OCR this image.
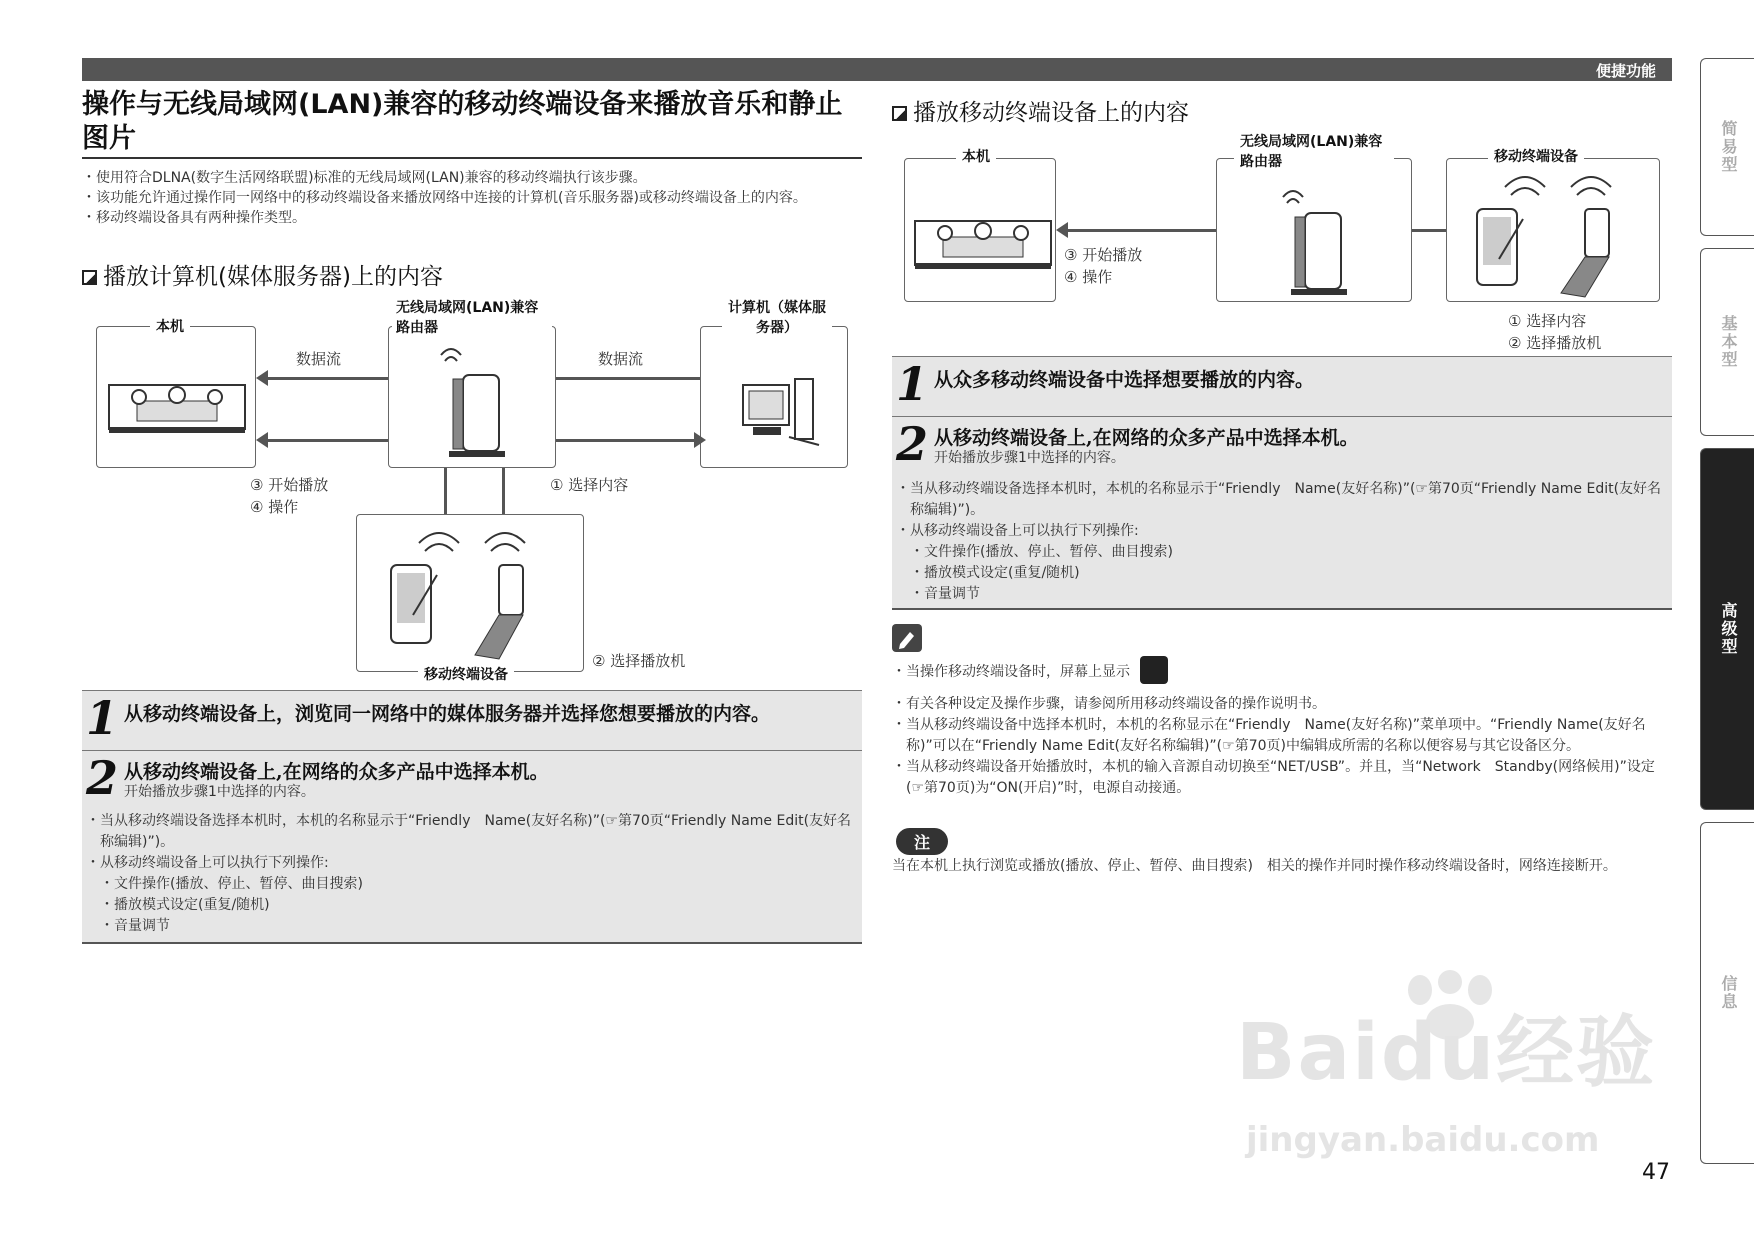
便捷功能
操作与无线局域网(LAN)兼容的移动终端设备来播放音乐和静止图片
・使用符合DLNA(数字生活网络联盟)标准的无线局域网(LAN)兼容的移动终端执行该步骤。
・该功能允许通过操作同一网络中的移动终端设备来播放网络中连接的计算机(音乐服务器)或移动终端设备上的内容。
・移动终端设备具有两种操作类型。
播放计算机(媒体服务器)上的内容
本机
无线局域网(LAN)兼容路由器
计算机（媒体服务器）
数据流	数据流
③ 开始播放
④ 操作
① 选择内容
移动终端设备
② 选择播放机
1 从移动终端设备上，浏览同一网络中的媒体服务器并选择您想要播放的内容。
2 从移动终端设备上,在网络的众多产品中选择本机。
开始播放步骤1中选择的内容。
・当从移动终端设备选择本机时，本机的名称显示于“Friendly　Name(友好名称)”(☞第70页“Friendly Name Edit(友好名称编辑)”)。
・从移动终端设备上可以执行下列操作:
・文件操作(播放、停止、暂停、曲目搜索)
・播放模式设定(重复/随机)
・音量调节
播放移动终端设备上的内容
本机
无线局域网(LAN)兼容路由器	移动终端设备
③ 开始播放
④ 操作
① 选择内容
② 选择播放机
1 从众多移动终端设备中选择想要播放的内容。
2 从移动终端设备上,在网络的众多产品中选择本机。
开始播放步骤1中选择的内容。
・当从移动终端设备选择本机时，本机的名称显示于“Friendly　Name(友好名称)”(☞第70页“Friendly Name Edit(友好名称编辑)”)。
・从移动终端设备上可以执行下列操作:
・文件操作(播放、停止、暂停、曲目搜索)
・播放模式设定(重复/随机)
・音量调节
・当操作移动终端设备时，屏幕上显示
・有关各种设定及操作步骤，请参阅所用移动终端设备的操作说明书。
・当从移动终端设备中选择本机时，本机的名称显示在“Friendly　Name(友好名称)”菜单项中。“Friendly Name(友好名称)”可以在“Friendly Name Edit(友好名称编辑)”(☞第70页)中编辑成所需的名称以便容易与其它设备区分。
・当从移动终端设备开始播放时，本机的输入音源自动切换至“NET/USB”。并且，当“Network　Standby(网络候用)”设定(☞第70页)为“ON(开启)”时，电源自动接通。
注
当在本机上执行浏览或播放(播放、停止、暂停、曲目搜索)　相关的操作并同时操作移动终端设备时，网络连接断开。
简易型
基本型
高级型
信息
Baidu经验
jingyan.baidu.com
47
